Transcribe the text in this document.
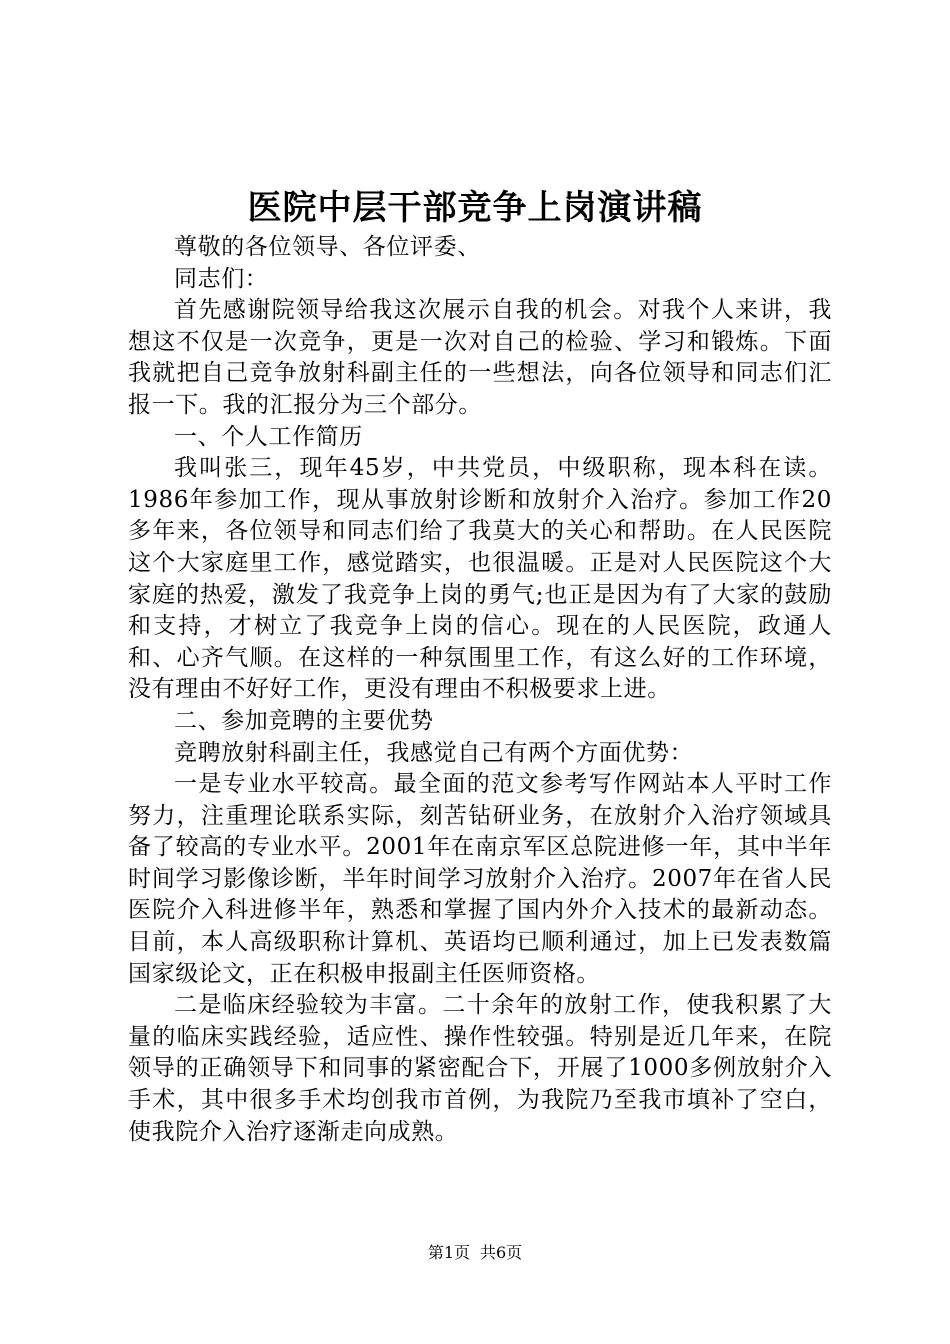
医院中层干部竞争上岗演讲稿

尊敬的各位领导、各位评委、

同志们：

首先感谢院领导给我这次展示自我的机会。对我个人来讲，我想这不仅是一次竞争，更是一次对自己的检验、学习和锻炼。下面我就把自己竞争放射科副主任的一些想法，向各位领导和同志们汇报一下。我的汇报分为三个部分。

一、个人工作简历

我叫张三，现年45岁，中共党员，中级职称，现本科在读。1986年参加工作，现从事放射诊断和放射介入治疗。参加工作20多年来，各位领导和同志们给了我莫大的关心和帮助。在人民医院这个大家庭里工作，感觉踏实，也很温暖。正是对人民医院这个大家庭的热爱，激发了我竞争上岗的勇气;也正是因为有了大家的鼓励和支持，才树立了我竞争上岗的信心。现在的人民医院，政通人和、心齐气顺。在这样的一种氛围里工作，有这么好的工作环境，没有理由不好好工作，更没有理由不积极要求上进。

二、参加竞聘的主要优势

竞聘放射科副主任，我感觉自己有两个方面优势：

一是专业水平较高。最全面的范文参考写作网站本人平时工作努力，注重理论联系实际，刻苦钻研业务，在放射介入治疗领域具备了较高的专业水平。2001年在南京军区总院进修一年，其中半年时间学习影像诊断，半年时间学习放射介入治疗。2007年在省人民医院介入科进修半年，熟悉和掌握了国内外介入技术的最新动态。目前，本人高级职称计算机、英语均已顺利通过，加上已发表数篇国家级论文，正在积极申报副主任医师资格。

二是临床经验较为丰富。二十余年的放射工作，使我积累了大量的临床实践经验，适应性、操作性较强。特别是近几年来，在院领导的正确领导下和同事的紧密配合下，开展了1000多例放射介入手术，其中很多手术均创我市首例，为我院乃至我市填补了空白，使我院介入治疗逐渐走向成熟。

第1页 共6页
